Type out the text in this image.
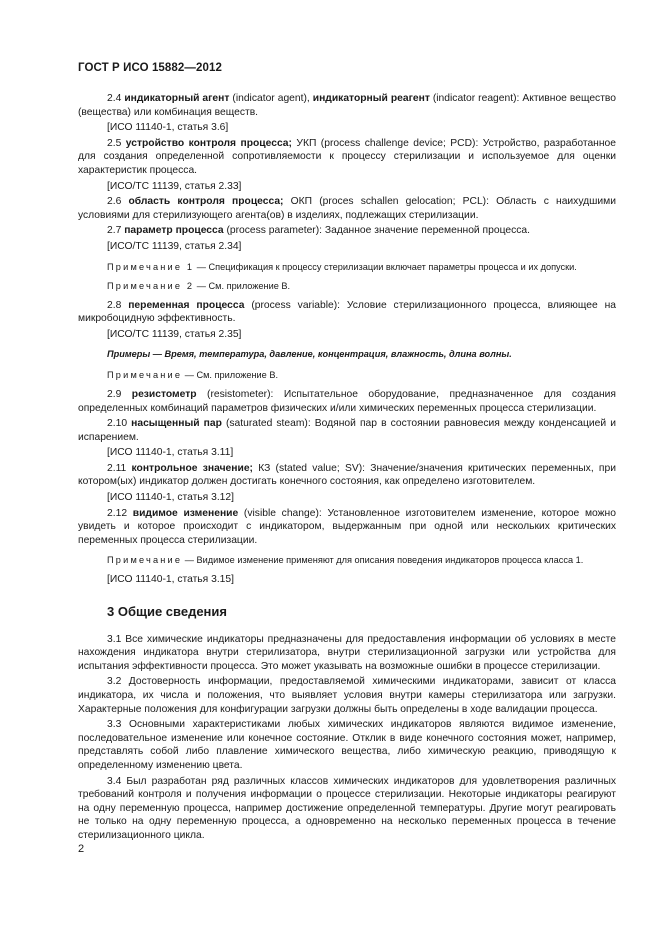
ГОСТ Р ИСО 15882—2012

2.4 индикаторный агент (indicator agent), индикаторный реагент (indicator reagent): Активное вещество (вещества) или комбинация веществ.

[ИСО 11140-1, статья 3.6]

2.5 устройство контроля процесса; УКП (process challenge device; PCD): Устройство, разработанное для создания определенной сопротивляемости к процессу стерилизации и используемое для оценки характеристик процесса.

[ИСО/ТС 11139, статья 2.33]

2.6 область контроля процесса; ОКП (proces schallen gelocation; PCL): Область с наихудшими условиями для стерилизующего агента(ов) в изделиях, подлежащих стерилизации.

2.7 параметр процесса (process parameter): Заданное значение переменной процесса.

[ИСО/ТС 11139, статья 2.34]

Примечание 1 — Спецификация к процессу стерилизации включает параметры процесса и их допуски.

Примечание 2 — См. приложение В.

2.8 переменная процесса (process variable): Условие стерилизационного процесса, влияющее на микробоцидную эффективность.

[ИСО/ТС 11139, статья 2.35]

Примеры — Время, температура, давление, концентрация, влажность, длина волны.

Примечание — См. приложение В.

2.9 резистометр (resistometer): Испытательное оборудование, предназначенное для создания определенных комбинаций параметров физических и/или химических переменных процесса стерилизации.

2.10 насыщенный пар (saturated steam): Водяной пар в состоянии равновесия между конденсацией и испарением.

[ИСО 11140-1, статья 3.11]

2.11 контрольное значение; КЗ (stated value; SV): Значение/значения критических переменных, при котором(ых) индикатор должен достигать конечного состояния, как определено изготовителем.

[ИСО 11140-1, статья 3.12]

2.12 видимое изменение (visible change): Установленное изготовителем изменение, которое можно увидеть и которое происходит с индикатором, выдержанным при одной или нескольких критических переменных процесса стерилизации.

Примечание — Видимое изменение применяют для описания поведения индикаторов процесса класса 1.

[ИСО 11140-1, статья 3.15]

3 Общие сведения

3.1 Все химические индикаторы предназначены для предоставления информации об условиях в месте нахождения индикатора внутри стерилизатора, внутри стерилизационной загрузки или устройства для испытания эффективности процесса. Это может указывать на возможные ошибки в процессе стерилизации.

3.2 Достоверность информации, предоставляемой химическими индикаторами, зависит от класса индикатора, их числа и положения, что выявляет условия внутри камеры стерилизатора или загрузки. Характерные положения для конфигурации загрузки должны быть определены в ходе валидации процесса.

3.3 Основными характеристиками любых химических индикаторов являются видимое изменение, последовательное изменение или конечное состояние. Отклик в виде конечного состояния может, например, представлять собой либо плавление химического вещества, либо химическую реакцию, приводящую к определенному изменению цвета.

3.4 Был разработан ряд различных классов химических индикаторов для удовлетворения различных требований контроля и получения информации о процессе стерилизации. Некоторые индикаторы реагируют на одну переменную процесса, например достижение определенной температуры. Другие могут реагировать не только на одну переменную процесса, а одновременно на несколько переменных процесса в течение стерилизационного цикла.

2
